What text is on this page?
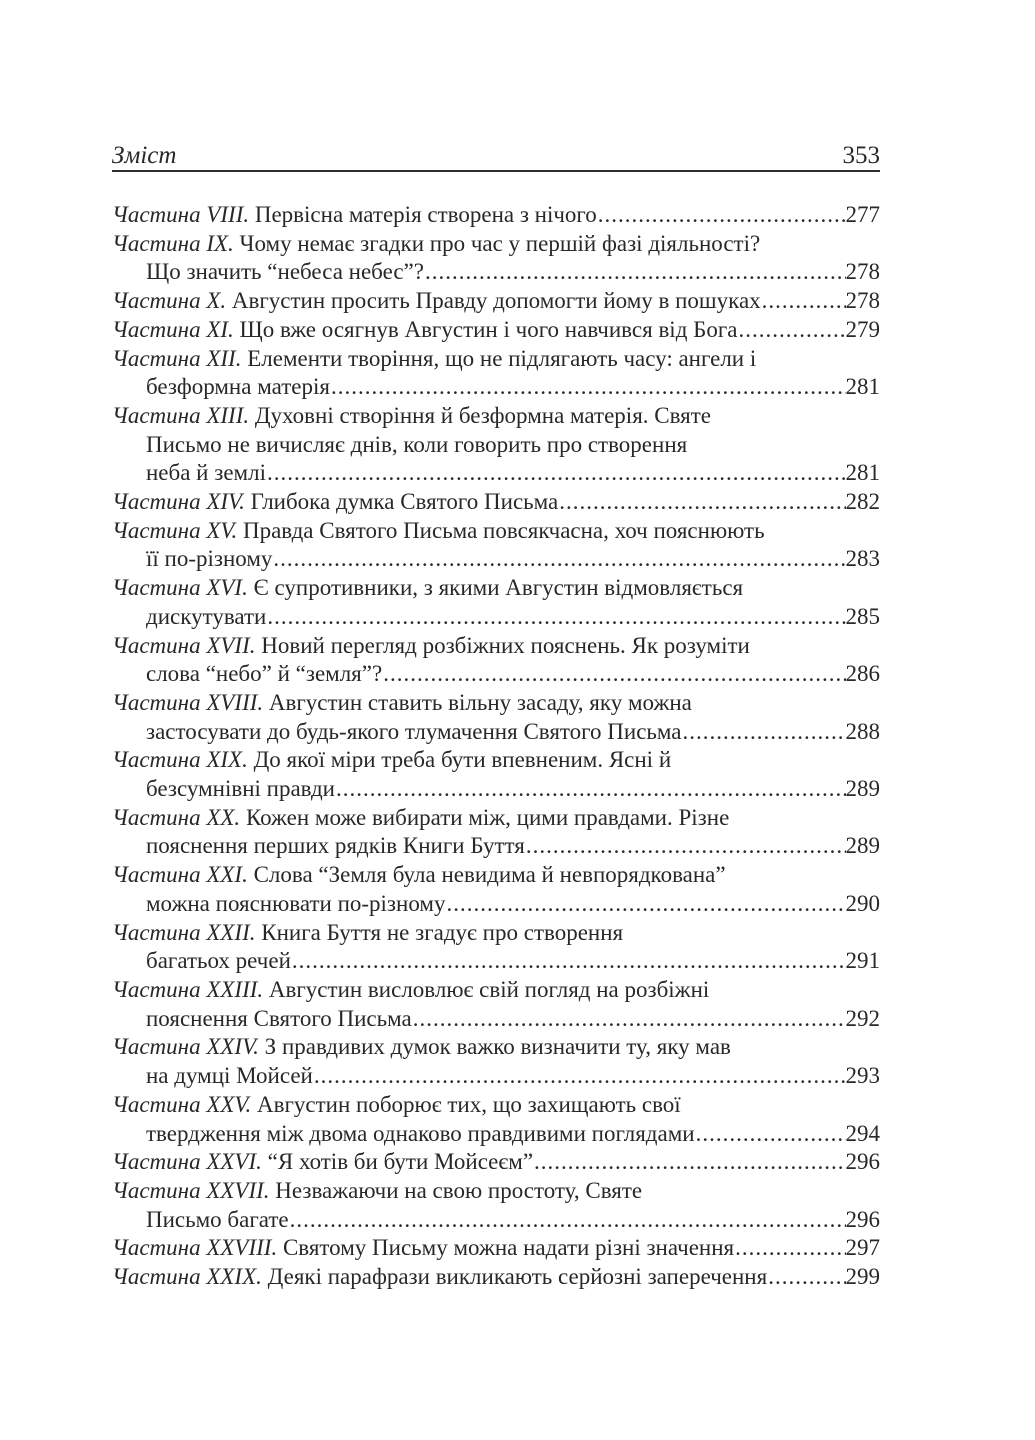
Зміст	353
Частина VIII. Первісна матерія створена з нічого .....	277
Частина IX. Чому немає згадки про час у першій фазі діяльності?
Що значить “небеса небес”? .....	278
Частина X. Августин просить Правду допомогти йому в пошуках .....	278
Частина XI. Що вже осягнув Августин і чого навчився від Бога .....	279
Частина XII. Елементи творіння, що не підлягають часу: ангели і
безформна матерія .....	281
Частина XIII. Духовні створіння й безформна матерія. Святе
Письмо не вичисляє днів, коли говорить про створення
неба й землі .....	281
Частина XIV. Глибока думка Святого Письма .....	282
Частина XV. Правда Святого Письма повсякчасна, хоч пояснюють
її по-різному .....	283
Частина XVI. Є супротивники, з якими Августин відмовляється
дискутувати .....	285
Частина XVII. Новий перегляд розбіжних пояснень. Як розуміти
слова “небо” й “земля”? .....	286
Частина XVIII. Августин ставить вільну засаду, яку можна
застосувати до будь-якого тлумачення Святого Письма .....	288
Частина XIX. До якої міри треба бути впевненим. Ясні й
безсумнівні правди .....	289
Частина XX. Кожен може вибирати між, цими правдами. Різне
пояснення перших рядків Книги Буття .....	289
Частина XXI. Слова “Земля була невидима й невпорядкована”
можна пояснювати по-різному .....	290
Частина XXII. Книга Буття не згадує про створення
багатьох речей .....	291
Частина XXIII. Августин висловлює свій погляд на розбіжні
пояснення Святого Письма .....	292
Частина XXIV. З правдивих думок важко визначити ту, яку мав
на думці Мойсей .....	293
Частина XXV. Августин поборює тих, що захищають свої
твердження між двома однаково правдивими поглядами .....	294
Частина XXVI. “Я хотів би бути Мойсеєм” .....	296
Частина XXVII. Незважаючи на свою простоту, Святе
Письмо багате .....	296
Частина XXVIII. Святому Письму можна надати різні значення .....	297
Частина XXIX. Деякі парафрази викликають серйозні заперечення .....	299
